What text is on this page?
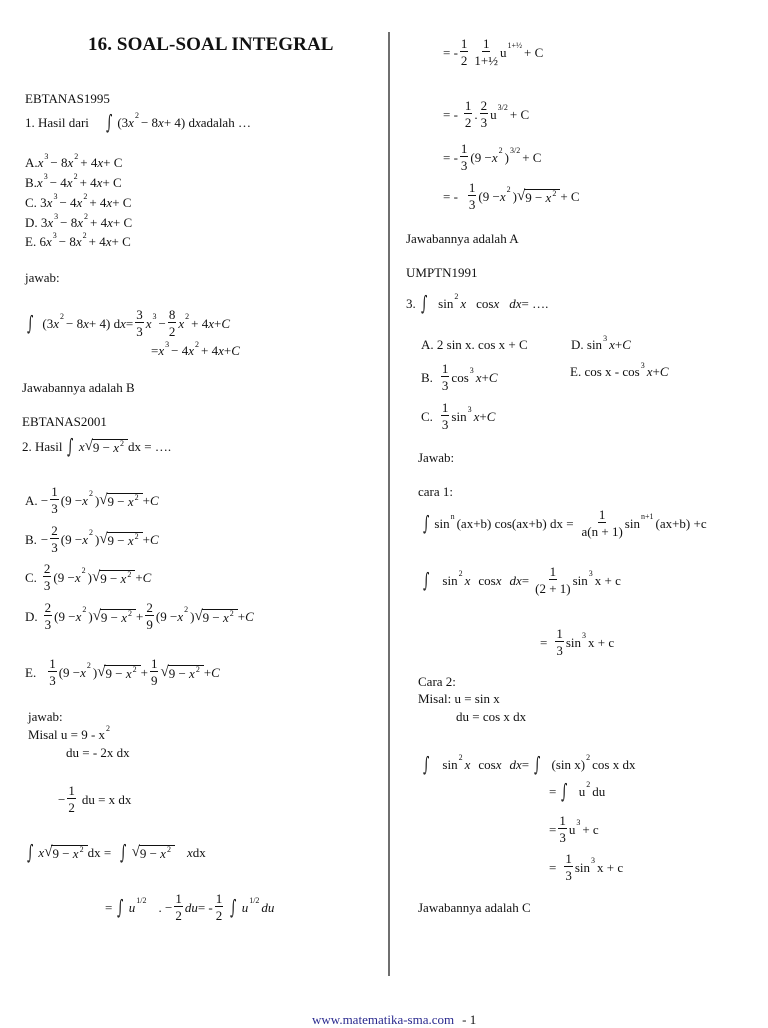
16. SOAL-SOAL INTEGRAL
EBTANAS1995
1. Hasil dari ∫ (3 x 2 − 8 x + 4) d x adalah …
A. x 3 − 8 x 2 + 4 x + C
B. x 3 − 4 x 2 + 4 x + C
C. 3 x 3 − 4 x 2 + 4 x + C
D. 3 x 3 − 8 x 2 + 4 x + C
E. 6 x 3 − 8 x 2 + 4 x + C
jawab:
∫ (3 x 2 − 8 x + 4) d $x = \frac{3}{3}$ x $3 - \frac{8}{2}$ x 2 + 4 x + C
= x 3 − 4 x 2 + 4 x + C
Jawabannya adalah B
EBTANAS2001
2. Hasil ∫ x √ $9 - x^2$ dx = ….
A. − $\frac{1}{3} (9 - x$ 2 ) √ $9 - x^2 + C$
B. − $\frac{2}{3} (9 - x$ 2 ) √ $9 - x^2 + C$
C. $\frac{2}{3} (9 - x$ 2 ) √ $9 - x^2 + C$
D. $\frac{2}{3} (9 - x$ 2 ) √ $9 - x^2 + \frac{2}{9} (9 - x$ 2 ) √ $9 - x^2 + C$
E. $\frac{1}{3} (9 - x$ 2 ) √ $9 - x^2 + \frac{1}{9}$ √ $9 - x^2 + C$
jawab:
Misal u = 9 - x 2
du = - 2x dx
− $\frac{1}{2}$ du = x dx
∫ x √ $9 - x^2$ dx = ∫ √ $9 - x^2$	x dx
= ∫ u 1/2 . − $\frac{1}{2}$ du = - $\frac{1}{2}$ ∫ u 1/2 du
= - $\frac{1}{2} \frac{1}{\text{1+½}}$ u 1+½ + C
= - $\frac{1}{2}$ . $\frac{2}{3}$ u 3/2 + C
= - $\frac{1}{3} (9 - x$ 2 ) 3/2 + C
= - $\frac{1}{3} (9 - x$ 2 ) √ $9 - x^2 + C$
Jawabannya adalah A
UMPTN1991
3. ∫ sin 2 x cos x dx = ….
A. 2 sin x. cos x + C	D. sin 3 x + C
B. $\frac{1}{3}$ cos 3 x + C	E. cos x - cos 3 x + C
C. $\frac{1}{3}$ sin 3 x + C
Jawab:
cara 1:
∫ sin n (ax+b) cos(ax+b) dx = $\frac{1}{a(n + 1)}$ sin n+1 (ax+b) +c
∫ sin 2 x cos x dx = $\frac{1}{(2 + 1)}$ sin 3 x + c
= $\frac{1}{3}$ sin 3 x + c
Cara 2:
Misal: u = sin x
du = cos x dx
∫ sin 2 x cos x dx = ∫ (sin x) 2 cos x dx
= ∫ u 2 du
= $\frac{1}{3}$ u 3 + c
= $\frac{1}{3}$ sin 3 x + c
Jawabannya adalah C
www.matematika-sma.com - 1
